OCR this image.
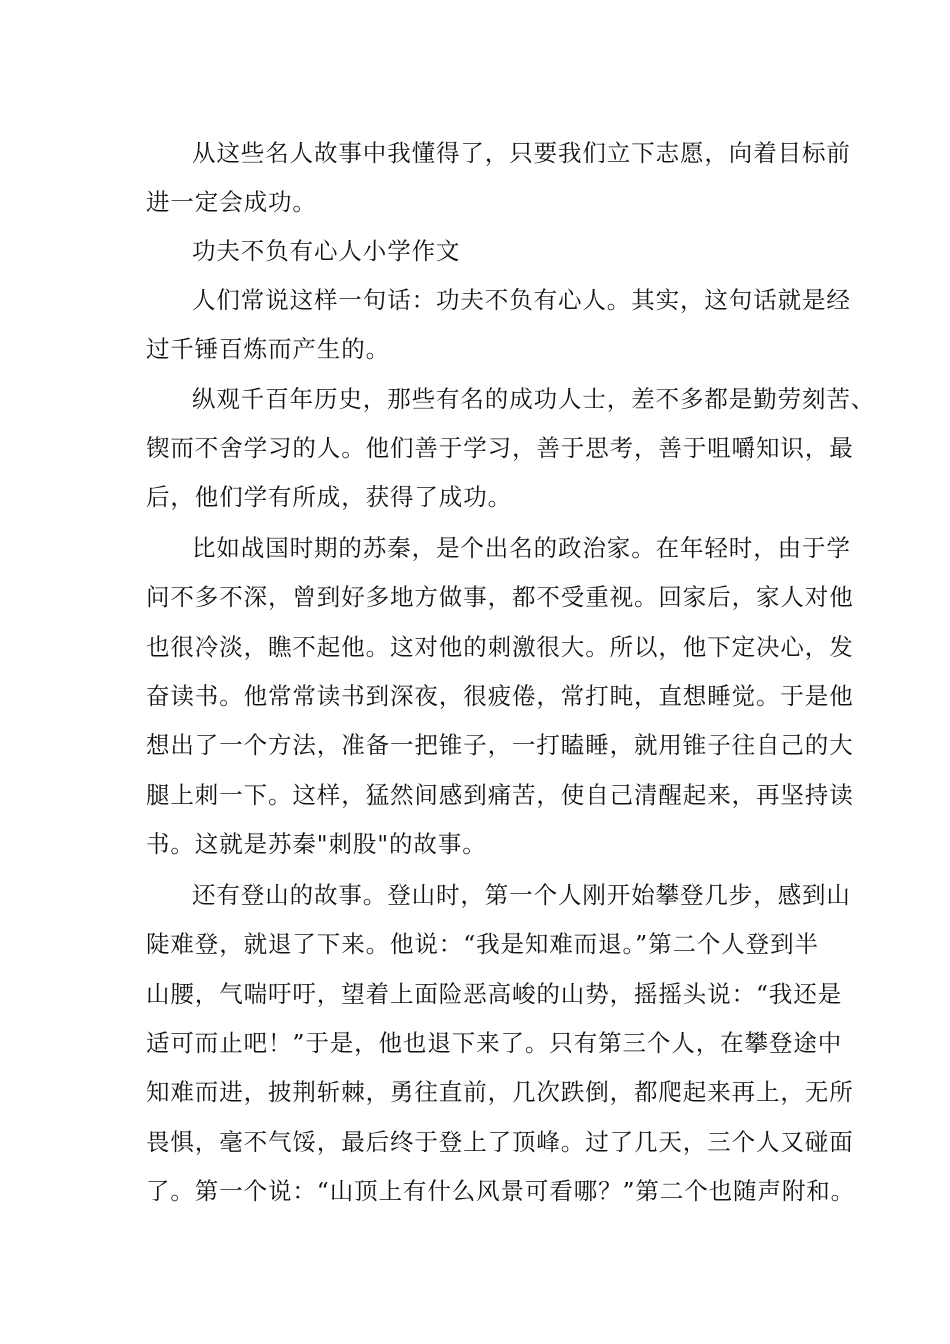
从这些名人故事中我懂得了，只要我们立下志愿，向着目标前

进一定会成功。

功夫不负有心人小学作文

人们常说这样一句话：功夫不负有心人。其实，这句话就是经

过千锤百炼而产生的。

纵观千百年历史，那些有名的成功人士，差不多都是勤劳刻苦、

锲而不舍学习的人。他们善于学习，善于思考，善于咀嚼知识，最

后，他们学有所成，获得了成功。

比如战国时期的苏秦，是个出名的政治家。在年轻时，由于学

问不多不深，曾到好多地方做事，都不受重视。回家后，家人对他

也很冷淡，瞧不起他。这对他的刺激很大。所以，他下定决心，发

奋读书。他常常读书到深夜，很疲倦，常打盹，直想睡觉。于是他

想出了一个方法，准备一把锥子，一打瞌睡，就用锥子往自己的大

腿上刺一下。这样，猛然间感到痛苦，使自己清醒起来，再坚持读

书。这就是苏秦"刺股"的故事。

还有登山的故事。登山时，第一个人刚开始攀登几步，感到山

陡难登，就退了下来。他说：“我是知难而退。”第二个人登到半

山腰，气喘吁吁，望着上面险恶高峻的山势，摇摇头说：“我还是

适可而止吧！”于是，他也退下来了。只有第三个人，在攀登途中

知难而进，披荆斩棘，勇往直前，几次跌倒，都爬起来再上，无所

畏惧，毫不气馁，最后终于登上了顶峰。过了几天，三个人又碰面

了。第一个说：“山顶上有什么风景可看哪？”第二个也随声附和。
